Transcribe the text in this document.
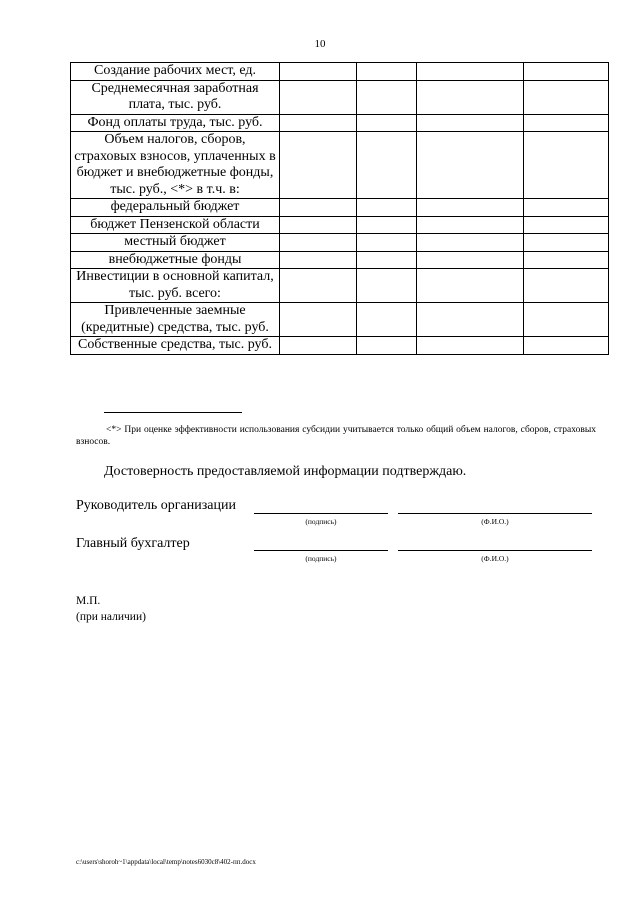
10
Создание рабочих мест, ед.				
Среднемесячная заработная плата, тыс. руб.				
Фонд оплаты труда, тыс. руб.				
Объем налогов, сборов, страховых взносов, уплаченных в бюджет и внебюджетные фонды, тыс. руб., <*> в т.ч. в:				
федеральный бюджет				
бюджет Пензенской области				
местный бюджет				
внебюджетные фонды				
Инвестиции в основной капитал, тыс. руб. всего:				
Привлеченные заемные (кредитные) средства, тыс. руб.				
Собственные средства, тыс. руб.				
<*> При оценке эффективности использования субсидии учитывается только общий объем налогов, сборов, страховых взносов.
Достоверность предоставляемой информации подтверждаю.
Руководитель организации
(подпись)	(Ф.И.О.)
Главный бухгалтер
(подпись)	(Ф.И.О.)
М.П.
(при наличии)
c:\users\shoroh~1\appdata\local\temp\notes6030c8\402-пп.docx
